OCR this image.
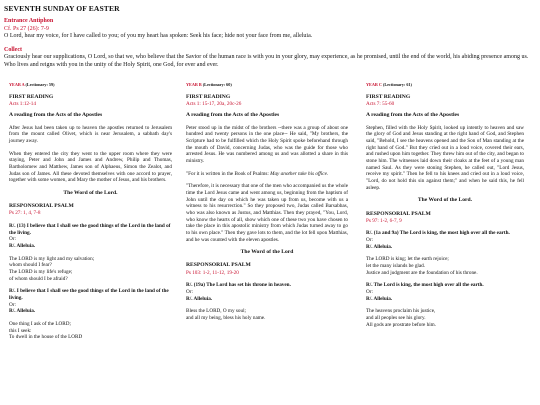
SEVENTH SUNDAY OF EASTER
Entrance Antiphon
Cf. Ps 27 (26): 7-9

O Lord, hear my voice, for I have called to you; of you my heart has spoken: Seek his face; hide not your face from me, alleluia.

Collect

Graciously hear our supplications, O Lord, so that we, who believe that the Savior of the human race is with you in your glory, may experience, as he promised, until the end of the world, his abiding presence among us. Who lives and reigns with you in the unity of the Holy Spirit, one God, for ever and ever.

YEAR A (Lectionary: 59)
FIRST READING
Acts 1:12-14
A reading from the Acts of the Apostles

After Jesus had been taken up to heaven the apostles returned to Jerusalem from the mount called Olivet, which is near Jerusalem, a sabbath day's journey away.

When they entered the city they went to the upper room where they were staying, Peter and John and James and Andrew, Philip and Thomas, Bartholomew and Matthew, James son of Alphaeus, Simon the Zealot, and Judas son of James. All these devoted themselves with one accord to prayer, together with some women, and Mary the mother of Jesus, and his brothers.

The Word of the Lord.
RESPONSORIAL PSALM
Ps 27: 1, 4, 7-8
R/. (13) I believe that I shall see the good things of the Lord in the land of the living.
Or:
R/. Alleluia.
The LORD is my light and my salvation;
whom should I fear?
The LORD is my life's refuge;
of whom should I be afraid?
R/. I believe that I shall see the good things of the Lord in the land of the living.
Or:
R/. Alleluia.
One thing I ask of the LORD;
this I seek:
To dwell in the house of the LORD
YEAR B (Lectionary: 60)
FIRST READING
Acts 1: 15-17, 20a, 20c-26
A reading from the Acts of the Apostles

Peter stood up in the midst of the brothers --there was a group of about one hundred and twenty persons in the one place-- He said, "My brothers, the Scripture had to be fulfilled which the Holy Spirit spoke beforehand through the mouth of David, concerning Judas, who was the guide for those who arrested Jesus. He was numbered among us and was allotted a share in this ministry.

"For it is written in the Book of Psalms: May another take his office.

"Therefore, it is necessary that one of the men who accompanied us the whole time the Lord Jesus came and went among us, beginning from the baptism of John until the day on which he was taken up from us, become with us a witness to his resurrection." So they proposed two, Judas called Barsabbas, who was also known as Justus, and Matthias. Then they prayed, "You, Lord, who know the hearts of all, show which one of these two you have chosen to take the place in this apostolic ministry from which Judas turned away to go to his own place." Then they gave lots to them, and the lot fell upon Matthias, and he was counted with the eleven apostles.

The Word of the Lord
RESPONSORIAL PSALM
Ps 103: 1-2, 11-12, 19-20
R/. (19a) The Lord has set his throne in heaven.
Or:
R/. Alleluia.
Bless the LORD, O my soul;
and all my being, bless his holy name.
YEAR C (Lectionary: 61)
FIRST READING
Acts 7: 55-60
A reading from the Acts of the Apostles

Stephen, filled with the Holy Spirit, looked up intently to heaven and saw the glory of God and Jesus standing at the right hand of God, and Stephen said, "Behold, I see the heavens opened and the Son of Man standing at the right hand of God." But they cried out in a loud voice, covered their ears, and rushed upon him together. They threw him out of the city, and began to stone him. The witnesses laid down their cloaks at the feet of a young man named Saul. As they were stoning Stephen, he called out, "Lord Jesus, receive my spirit." Then he fell to his knees and cried out in a loud voice, "Lord, do not hold this sin against them;" and when he said this, he fell asleep.

The Word of the Lord.
RESPONSORIAL PSALM
Ps 97: 1-2, 6-7, 9
R/. (1a and 9a) The Lord is king, the most high over all the earth.
Or:
R/. Alleluia.
The LORD is king; let the earth rejoice;
let the many islands be glad.
Justice and judgment are the foundation of his throne.
R/. The Lord is king, the most high over all the earth.
Or:
R/. Alleluia.
The heavens proclaim his justice,
and all peoples see his glory.
All gods are prostrate before him.
